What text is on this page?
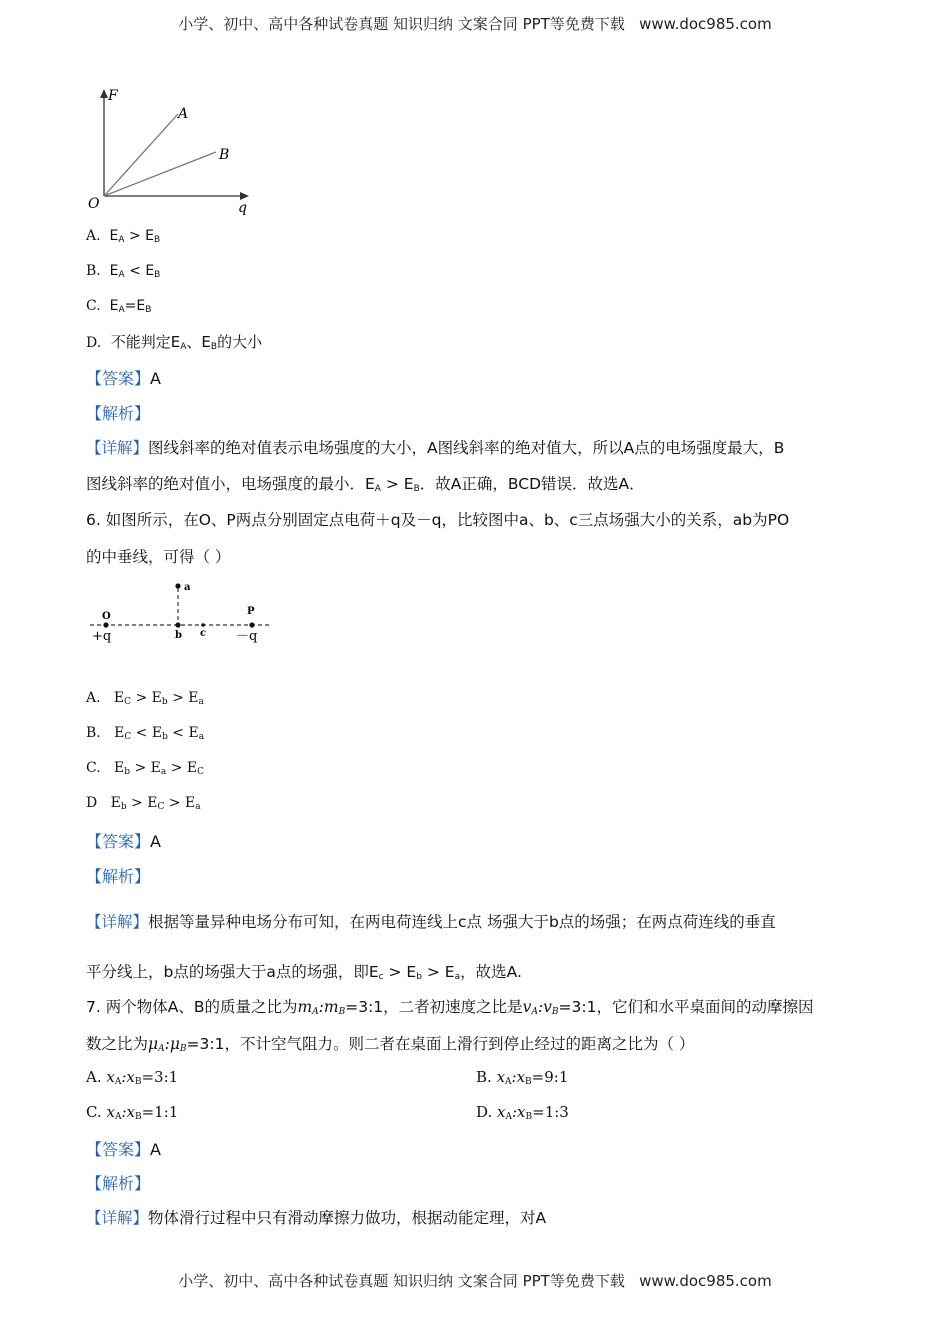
小学、初中、高中各种试卷真题 知识归纳 文案合同 PPT等免费下载 www.doc985.com
F
q
O
A
B
A. $E_A > E_B$
B. $E_A < E_B$
C. $E_A=E_B$
D. 不能判定$E_A$、$E_B$的大小
【答案】A
【解析】
【详解】图线斜率的绝对值表示电场强度的大小，A图线斜率的绝对值大，所以A点的电场强度最大，B
图线斜率的绝对值小，电场强度的最小．$E_A > E_B$．故A正确，BCD错误．故选A．
6. 如图所示，在O、P两点分别固定点电荷＋q及－q，比较图中a、b、c三点场强大小的关系，ab为PO
的中垂线，可得（ ）
O	P
+q	－q
a
b c
A. $E_C > E_b > E_a$
B. $E_C < E_b < E_a$
C. $E_b > E_a > E_C$
D $E_b > E_C > E_a$
【答案】A
【解析】
【详解】根据等量异种电场分布可知，在两电荷连线上c点 场强大于b点的场强；在两点荷连线的垂直
平分线上，b点的场强大于a点的场强，即$E_c > E_b > E_a$，故选A.
7. 两个物体A、B的质量之比为$m_A:m_B=3:1$，二者初速度之比是$v_A:v_B=3:1$，它们和水平桌面间的动摩擦因
数之比为$\mu_A:\mu_B=3:1$，不计空气阻力。则二者在桌面上滑行到停止经过的距离之比为（ ）
A. $x_A:x_B=3:1$	B. $x_A:x_B=9:1$
C. $x_A:x_B=1:1$	D. $x_A:x_B=1:3$
【答案】A
【解析】
【详解】物体滑行过程中只有滑动摩擦力做功，根据动能定理，对A
小学、初中、高中各种试卷真题 知识归纳 文案合同 PPT等免费下载 www.doc985.com
